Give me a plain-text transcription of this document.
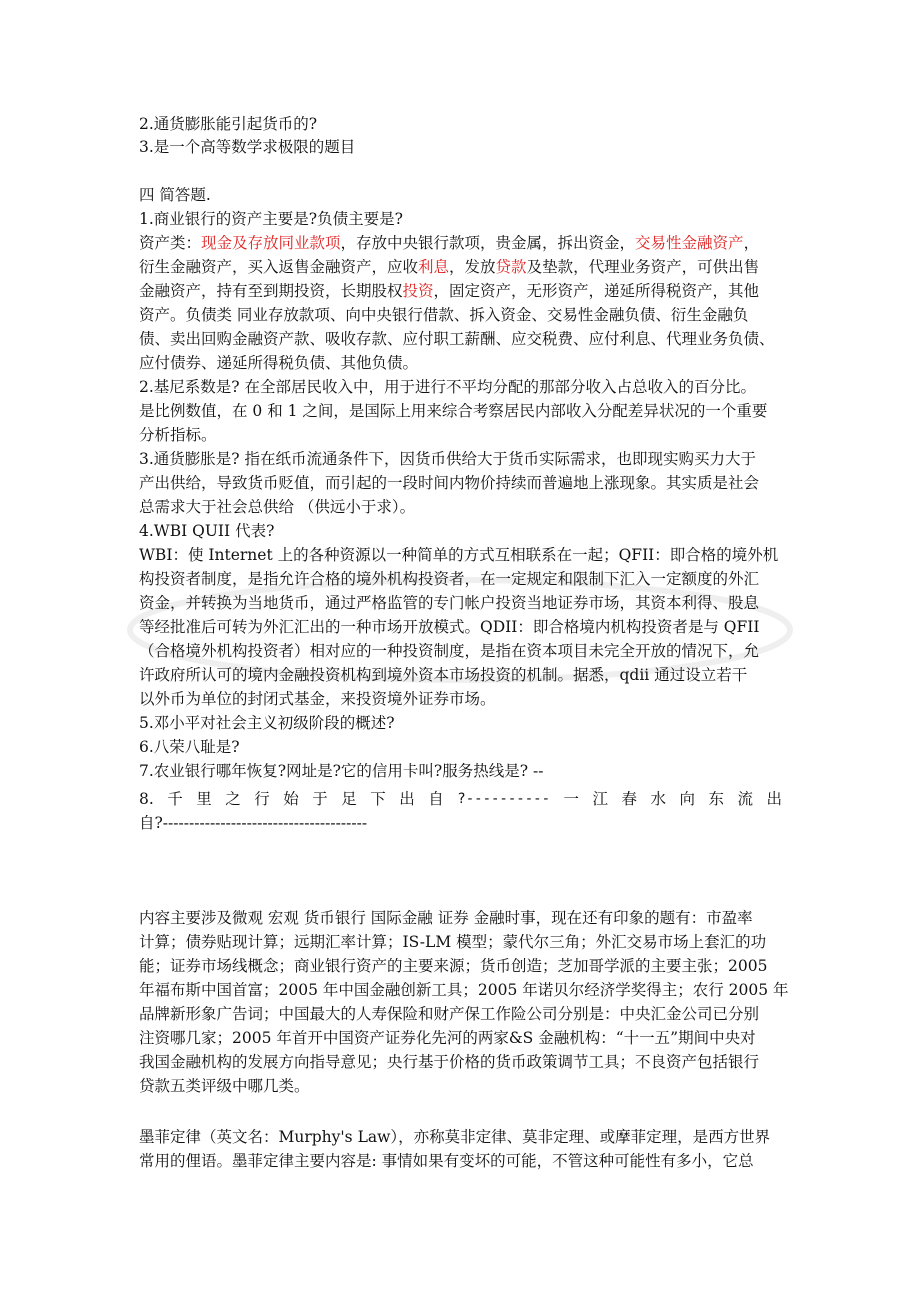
2.通货膨胀能引起货币的?
3.是一个高等数学求极限的题目
四 简答题.
1.商业银行的资产主要是?负债主要是?
资产类：现金及存放同业款项，存放中央银行款项，贵金属，拆出资金，交易性金融资产，
衍生金融资产，买入返售金融资产，应收利息，发放贷款及垫款，代理业务资产，可供出售
金融资产，持有至到期投资，长期股权投资，固定资产，无形资产，递延所得税资产，其他
资产。负债类 同业存放款项、向中央银行借款、拆入资金、交易性金融负债、衍生金融负
债、卖出回购金融资产款、吸收存款、应付职工薪酬、应交税费、应付利息、代理业务负债、
应付债券、递延所得税负债、其他负债。
2.基尼系数是? 在全部居民收入中，用于进行不平均分配的那部分收入占总收入的百分比。
是比例数值，在 0 和 1 之间，是国际上用来综合考察居民内部收入分配差异状况的一个重要
分析指标。
3.通货膨胀是? 指在纸币流通条件下，因货币供给大于货币实际需求，也即现实购买力大于
产出供给，导致货币贬值，而引起的一段时间内物价持续而普遍地上涨现象。其实质是社会
总需求大于社会总供给 （供远小于求）。
4.WBI QUII 代表?
WBI：使 Internet 上的各种资源以一种简单的方式互相联系在一起；QFII：即合格的境外机
构投资者制度，是指允许合格的境外机构投资者，在一定规定和限制下汇入一定额度的外汇
资金，并转换为当地货币，通过严格监管的专门帐户投资当地证券市场，其资本利得、股息
等经批准后可转为外汇汇出的一种市场开放模式。QDII：即合格境内机构投资者是与 QFII
（合格境外机构投资者）相对应的一种投资制度，是指在资本项目未完全开放的情况下，允
许政府所认可的境内金融投资机构到境外资本市场投资的机制。据悉，qdii 通过设立若干
以外币为单位的封闭式基金，来投资境外证券市场。
5.邓小平对社会主义初级阶段的概述?
6.八荣八耻是?
7.农业银行哪年恢复?网址是?它的信用卡叫?服务热线是? --
8. 千 里 之 行 始 于 足 下 出 自 ?---------- 一 江 春 水 向 东 流 出
自?---------------------------------------
内容主要涉及微观 宏观 货币银行 国际金融 证券 金融时事，现在还有印象的题有：市盈率
计算；债券贴现计算；远期汇率计算；IS-LM 模型；蒙代尔三角；外汇交易市场上套汇的功
能；证券市场线概念；商业银行资产的主要来源；货币创造；芝加哥学派的主要主张；2005
年福布斯中国首富；2005 年中国金融创新工具；2005 年诺贝尔经济学奖得主；农行 2005 年
品牌新形象广告词；中国最大的人寿保险和财产保工作险公司分别是：中央汇金公司已分别
注资哪几家；2005 年首开中国资产证券化先河的两家&S 金融机构：“十一五”期间中央对
我国金融机构的发展方向指导意见；央行基于价格的货币政策调节工具；不良资产包括银行
贷款五类评级中哪几类。
墨菲定律（英文名：Murphy's Law），亦称莫非定律、莫非定理、或摩菲定理，是西方世界
常用的俚语。墨菲定律主要内容是: 事情如果有变坏的可能，不管这种可能性有多小，它总
